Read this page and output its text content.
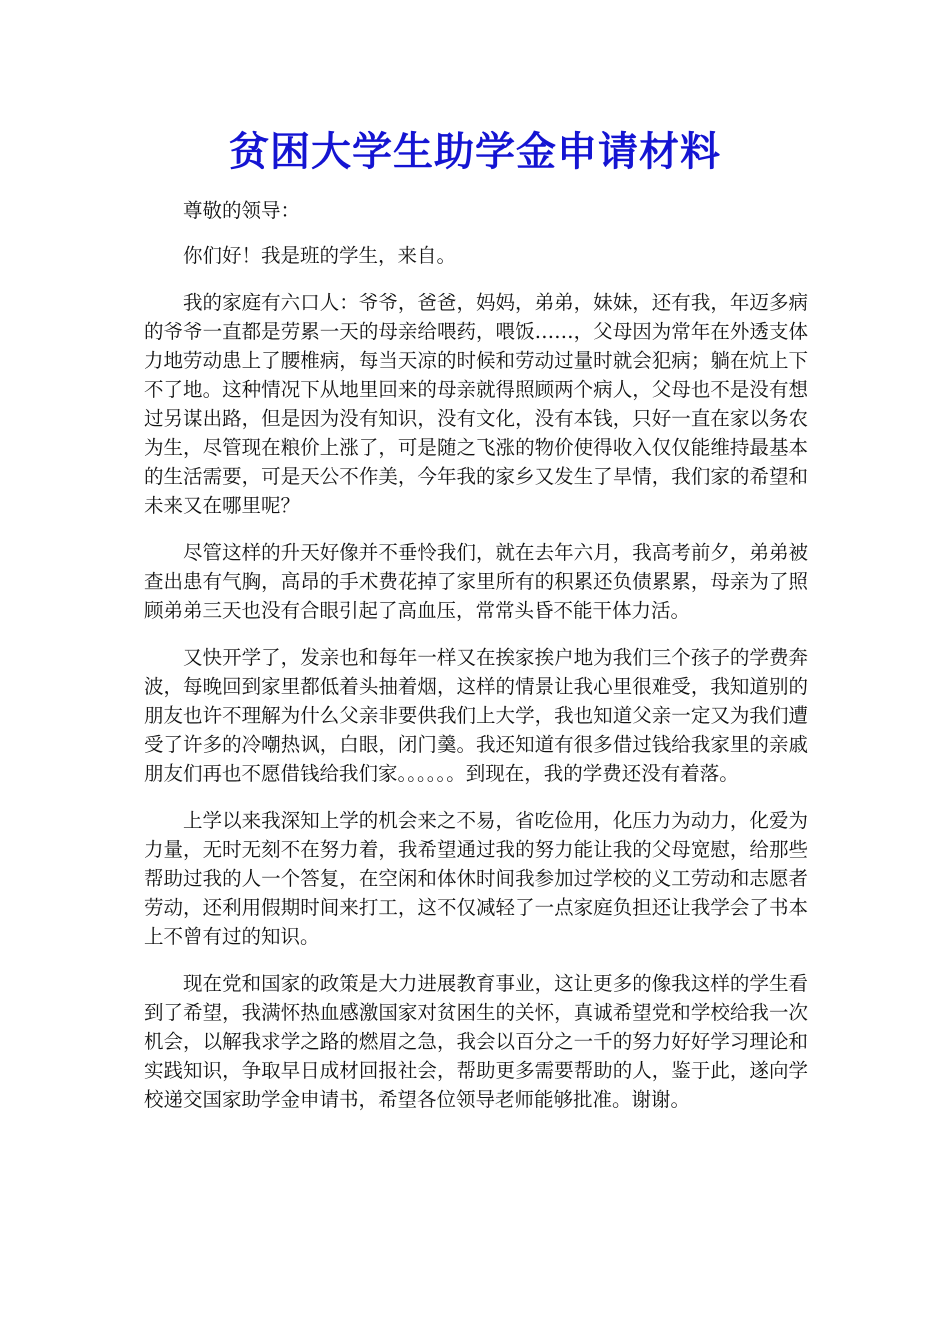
贫困大学生助学金申请材料

尊敬的领导：

你们好！我是班的学生，来自。

我的家庭有六口人：爷爷，爸爸，妈妈，弟弟，妹妹，还有我，年迈多病的爷爷一直都是劳累一天的母亲给喂药，喂饭……，父母因为常年在外透支体力地劳动患上了腰椎病，每当天凉的时候和劳动过量时就会犯病；躺在炕上下不了地。这种情况下从地里回来的母亲就得照顾两个病人，父母也不是没有想过另谋出路，但是因为没有知识，没有文化，没有本钱，只好一直在家以务农为生，尽管现在粮价上涨了，可是随之飞涨的物价使得收入仅仅能维持最基本的生活需要，可是天公不作美，今年我的家乡又发生了旱情，我们家的希望和未来又在哪里呢？

尽管这样的升天好像并不垂怜我们，就在去年六月，我高考前夕，弟弟被查出患有气胸，高昂的手术费花掉了家里所有的积累还负债累累，母亲为了照顾弟弟三天也没有合眼引起了高血压，常常头昏不能干体力活。

又快开学了，发亲也和每年一样又在挨家挨户地为我们三个孩子的学费奔波，每晚回到家里都低着头抽着烟，这样的情景让我心里很难受，我知道别的朋友也许不理解为什么父亲非要供我们上大学，我也知道父亲一定又为我们遭受了许多的冷嘲热讽，白眼，闭门羹。我还知道有很多借过钱给我家里的亲戚朋友们再也不愿借钱给我们家。。。。。。到现在，我的学费还没有着落。

上学以来我深知上学的机会来之不易，省吃俭用，化压力为动力，化爱为力量，无时无刻不在努力着，我希望通过我的努力能让我的父母宽慰，给那些帮助过我的人一个答复，在空闲和体休时间我参加过学校的义工劳动和志愿者劳动，还利用假期时间来打工，这不仅减轻了一点家庭负担还让我学会了书本上不曾有过的知识。

现在党和国家的政策是大力进展教育事业，这让更多的像我这样的学生看到了希望，我满怀热血感激国家对贫困生的关怀，真诚希望党和学校给我一次机会，以解我求学之路的燃眉之急，我会以百分之一千的努力好好学习理论和实践知识，争取早日成材回报社会，帮助更多需要帮助的人，鉴于此，遂向学校递交国家助学金申请书，希望各位领导老师能够批准。谢谢。
